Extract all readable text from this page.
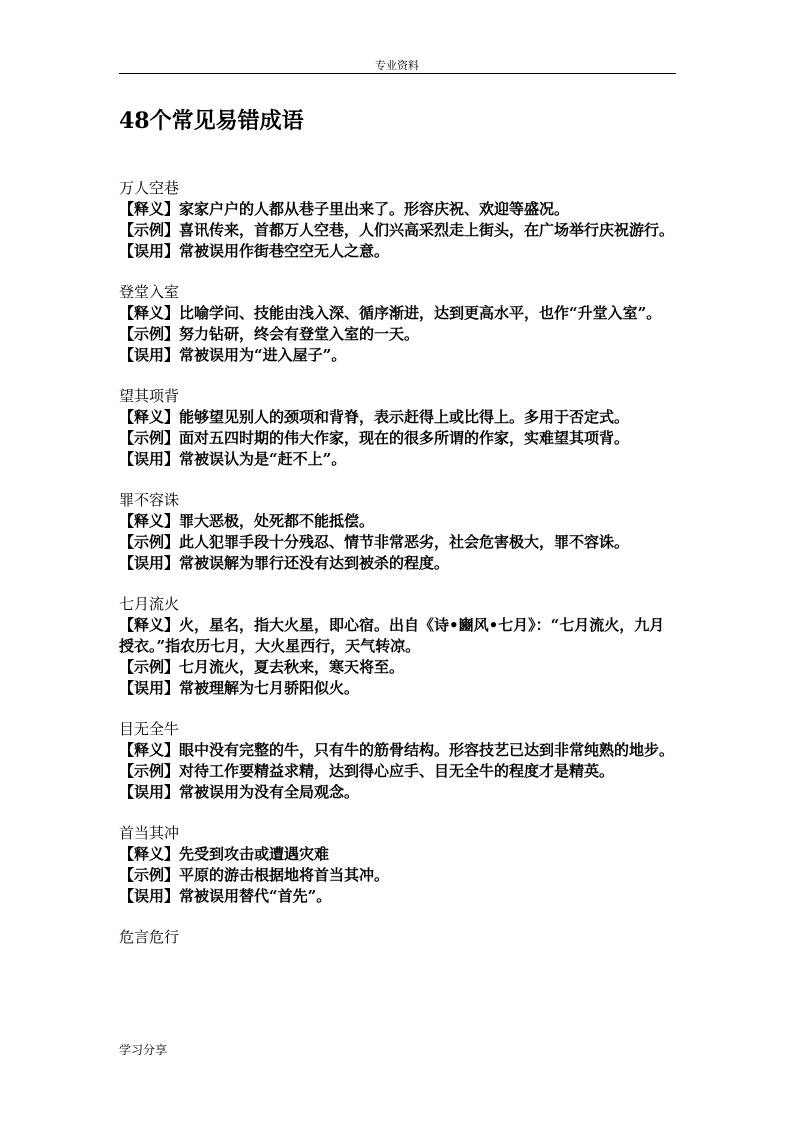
专业资料
48个常见易错成语
万人空巷
【释义】家家户户的人都从巷子里出来了。形容庆祝、欢迎等盛况。
【示例】喜讯传来，首都万人空巷，人们兴高采烈走上街头，在广场举行庆祝游行。
【误用】常被误用作街巷空空无人之意。
登堂入室
【释义】比喻学问、技能由浅入深、循序渐进，达到更高水平，也作“升堂入室”。
【示例】努力钻研，终会有登堂入室的一天。
【误用】常被误用为“进入屋子”。
望其项背
【释义】能够望见别人的颈项和背脊，表示赶得上或比得上。多用于否定式。
【示例】面对五四时期的伟大作家，现在的很多所谓的作家，实难望其项背。
【误用】常被误认为是“赶不上”。
罪不容诛
【释义】罪大恶极，处死都不能抵偿。
【示例】此人犯罪手段十分残忍、情节非常恶劣，社会危害极大，罪不容诛。
【误用】常被误解为罪行还没有达到被杀的程度。
七月流火
【释义】火，星名，指大火星，即心宿。出自《诗•豳风•七月》：“七月流火，九月授衣。”指农历七月，大火星西行，天气转凉。
【示例】七月流火，夏去秋来，寒天将至。
【误用】常被理解为七月骄阳似火。
目无全牛
【释义】眼中没有完整的牛，只有牛的筋骨结构。形容技艺已达到非常纯熟的地步。
【示例】对待工作要精益求精，达到得心应手、目无全牛的程度才是精英。
【误用】常被误用为没有全局观念。
首当其冲
【释义】先受到攻击或遭遇灾难
【示例】平原的游击根据地将首当其冲。
【误用】常被误用替代“首先”。
危言危行
学习分享
